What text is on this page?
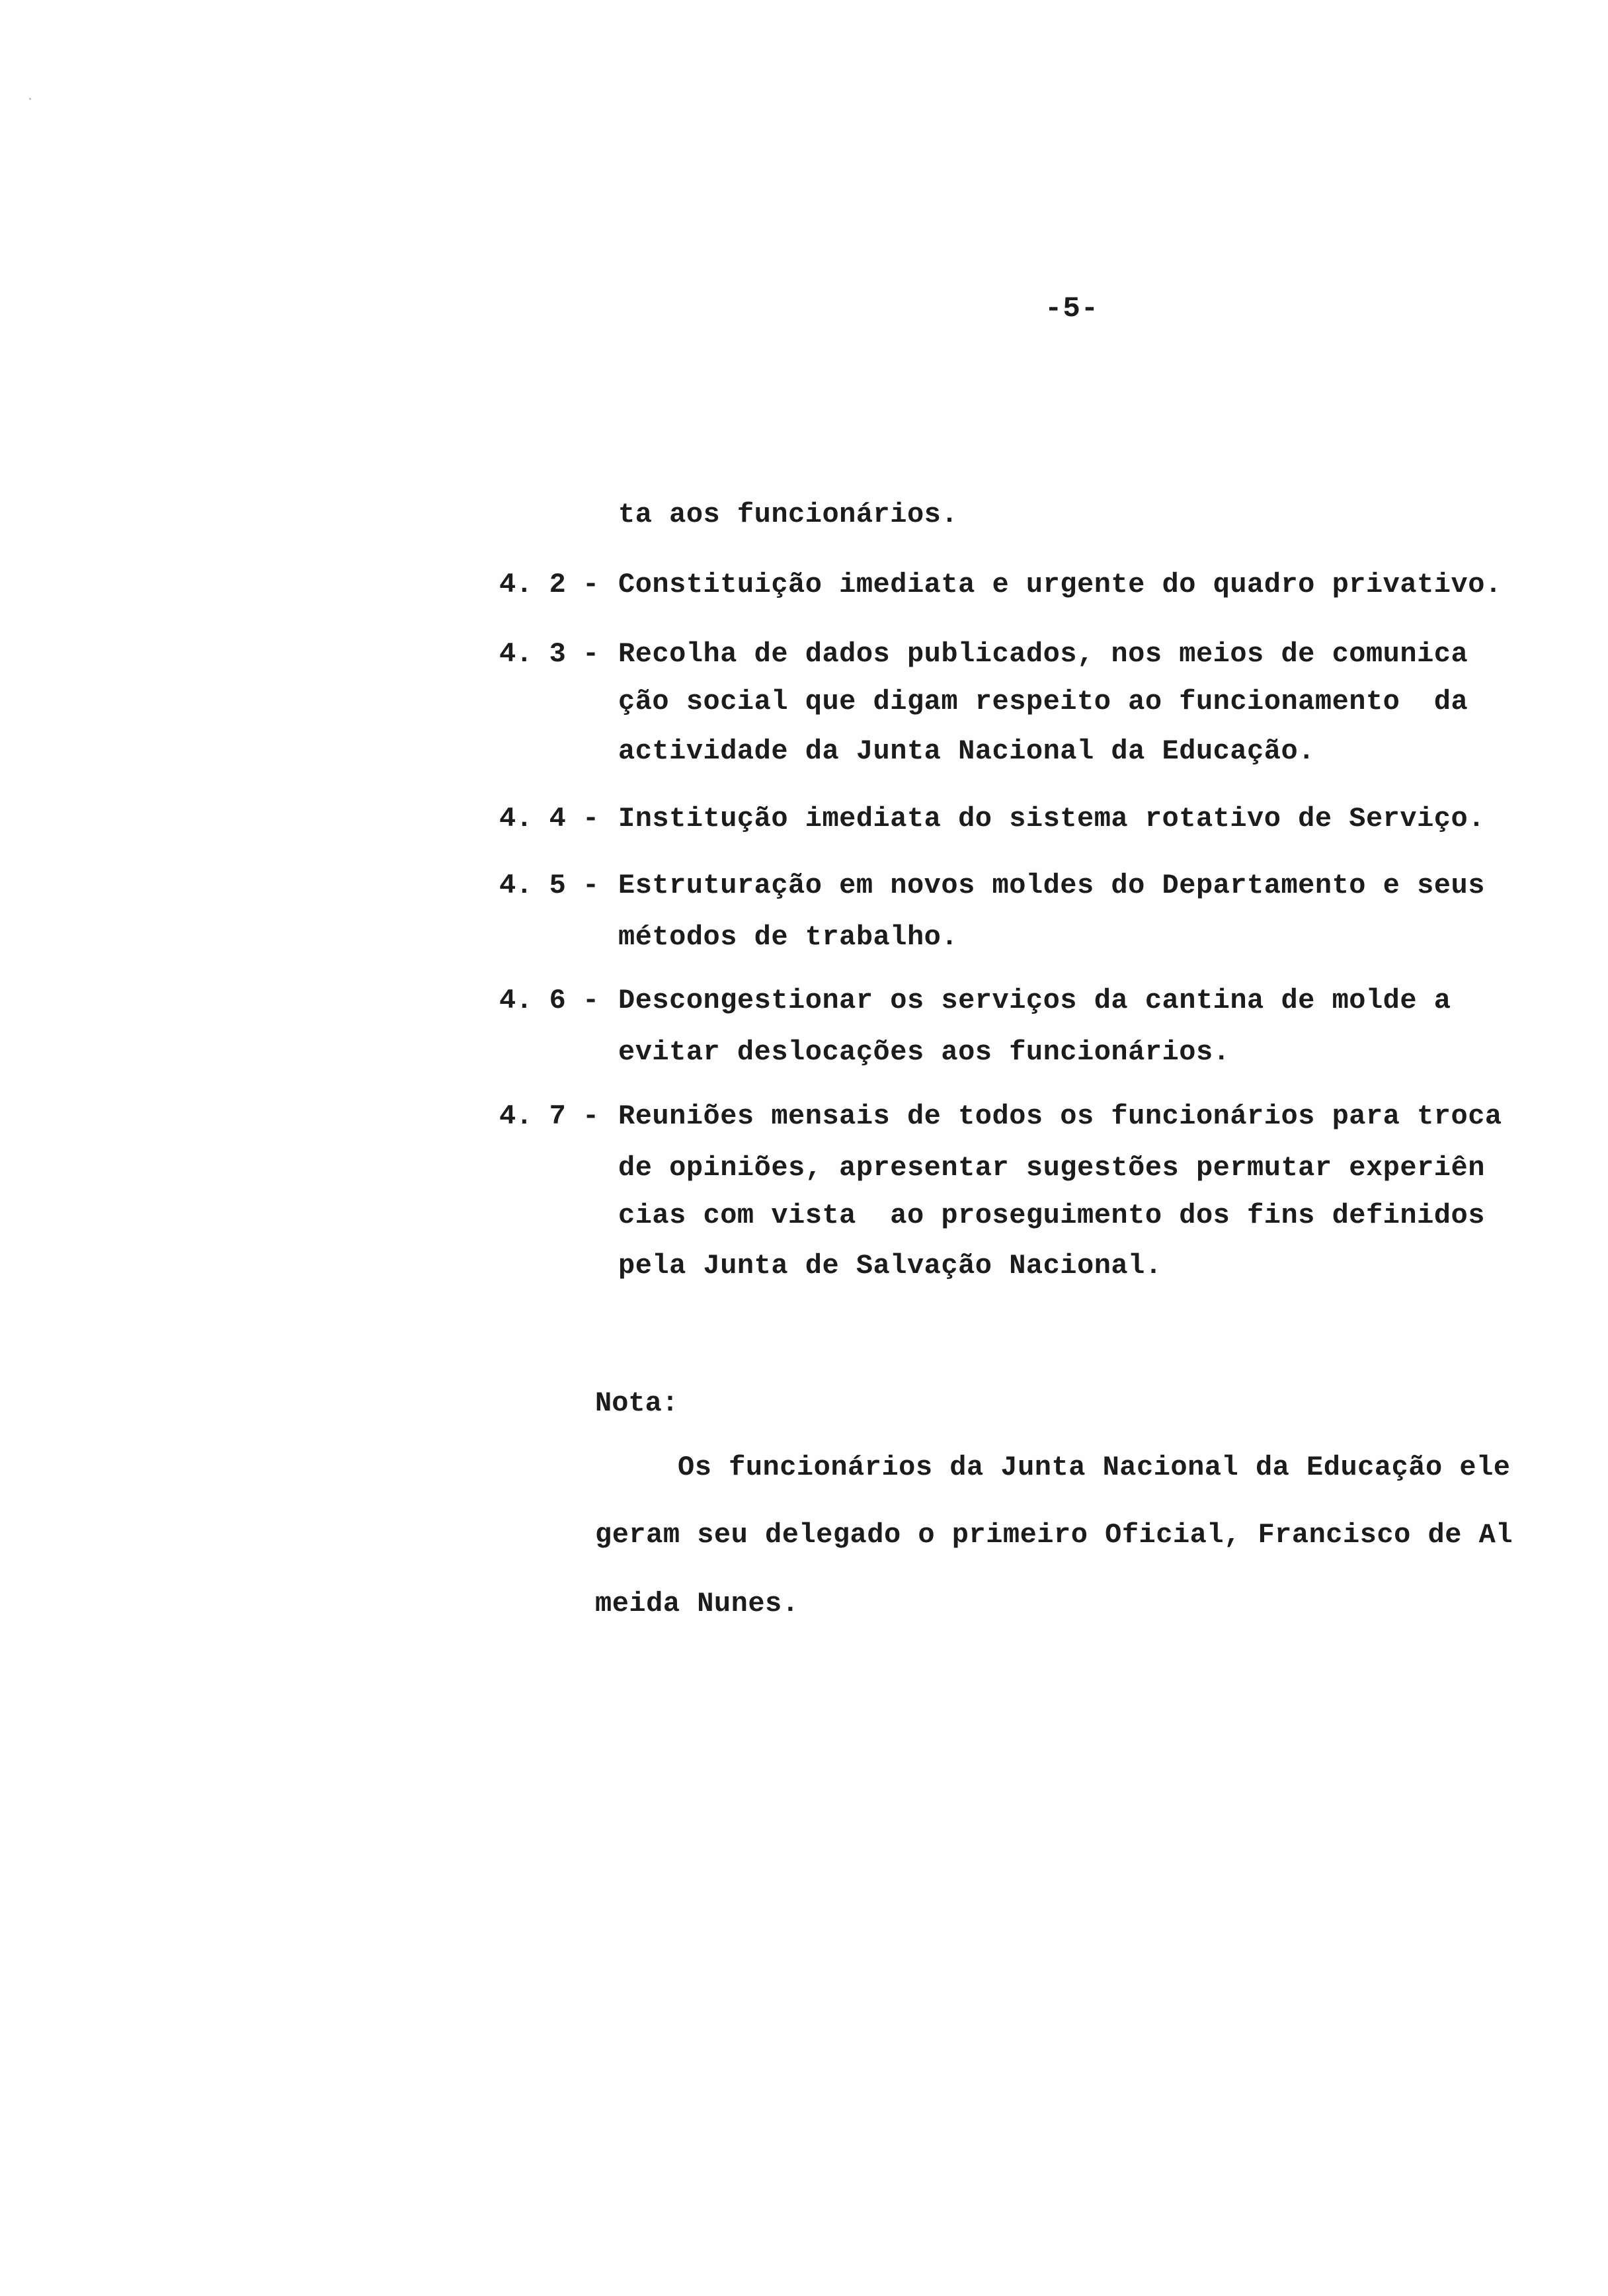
-5-
ta aos funcionários.
4. 2 - Constituição imediata e urgente do quadro privativo.
4. 3 - Recolha de dados publicados, nos meios de comunica
ção social que digam respeito ao funcionamento  da
actividade da Junta Nacional da Educação.
4. 4 - Institução imediata do sistema rotativo de Serviço.
4. 5 - Estruturação em novos moldes do Departamento e seus
métodos de trabalho.
4. 6 - Descongestionar os serviços da cantina de molde a
evitar deslocações aos funcionários.
4. 7 - Reuniões mensais de todos os funcionários para troca
de opiniões, apresentar sugestões permutar experiên
cias com vista  ao proseguimento dos fins definidos
pela Junta de Salvação Nacional.
Nota:
Os funcionários da Junta Nacional da Educação ele
geram seu delegado o primeiro Oficial, Francisco de Al
meida Nunes.
